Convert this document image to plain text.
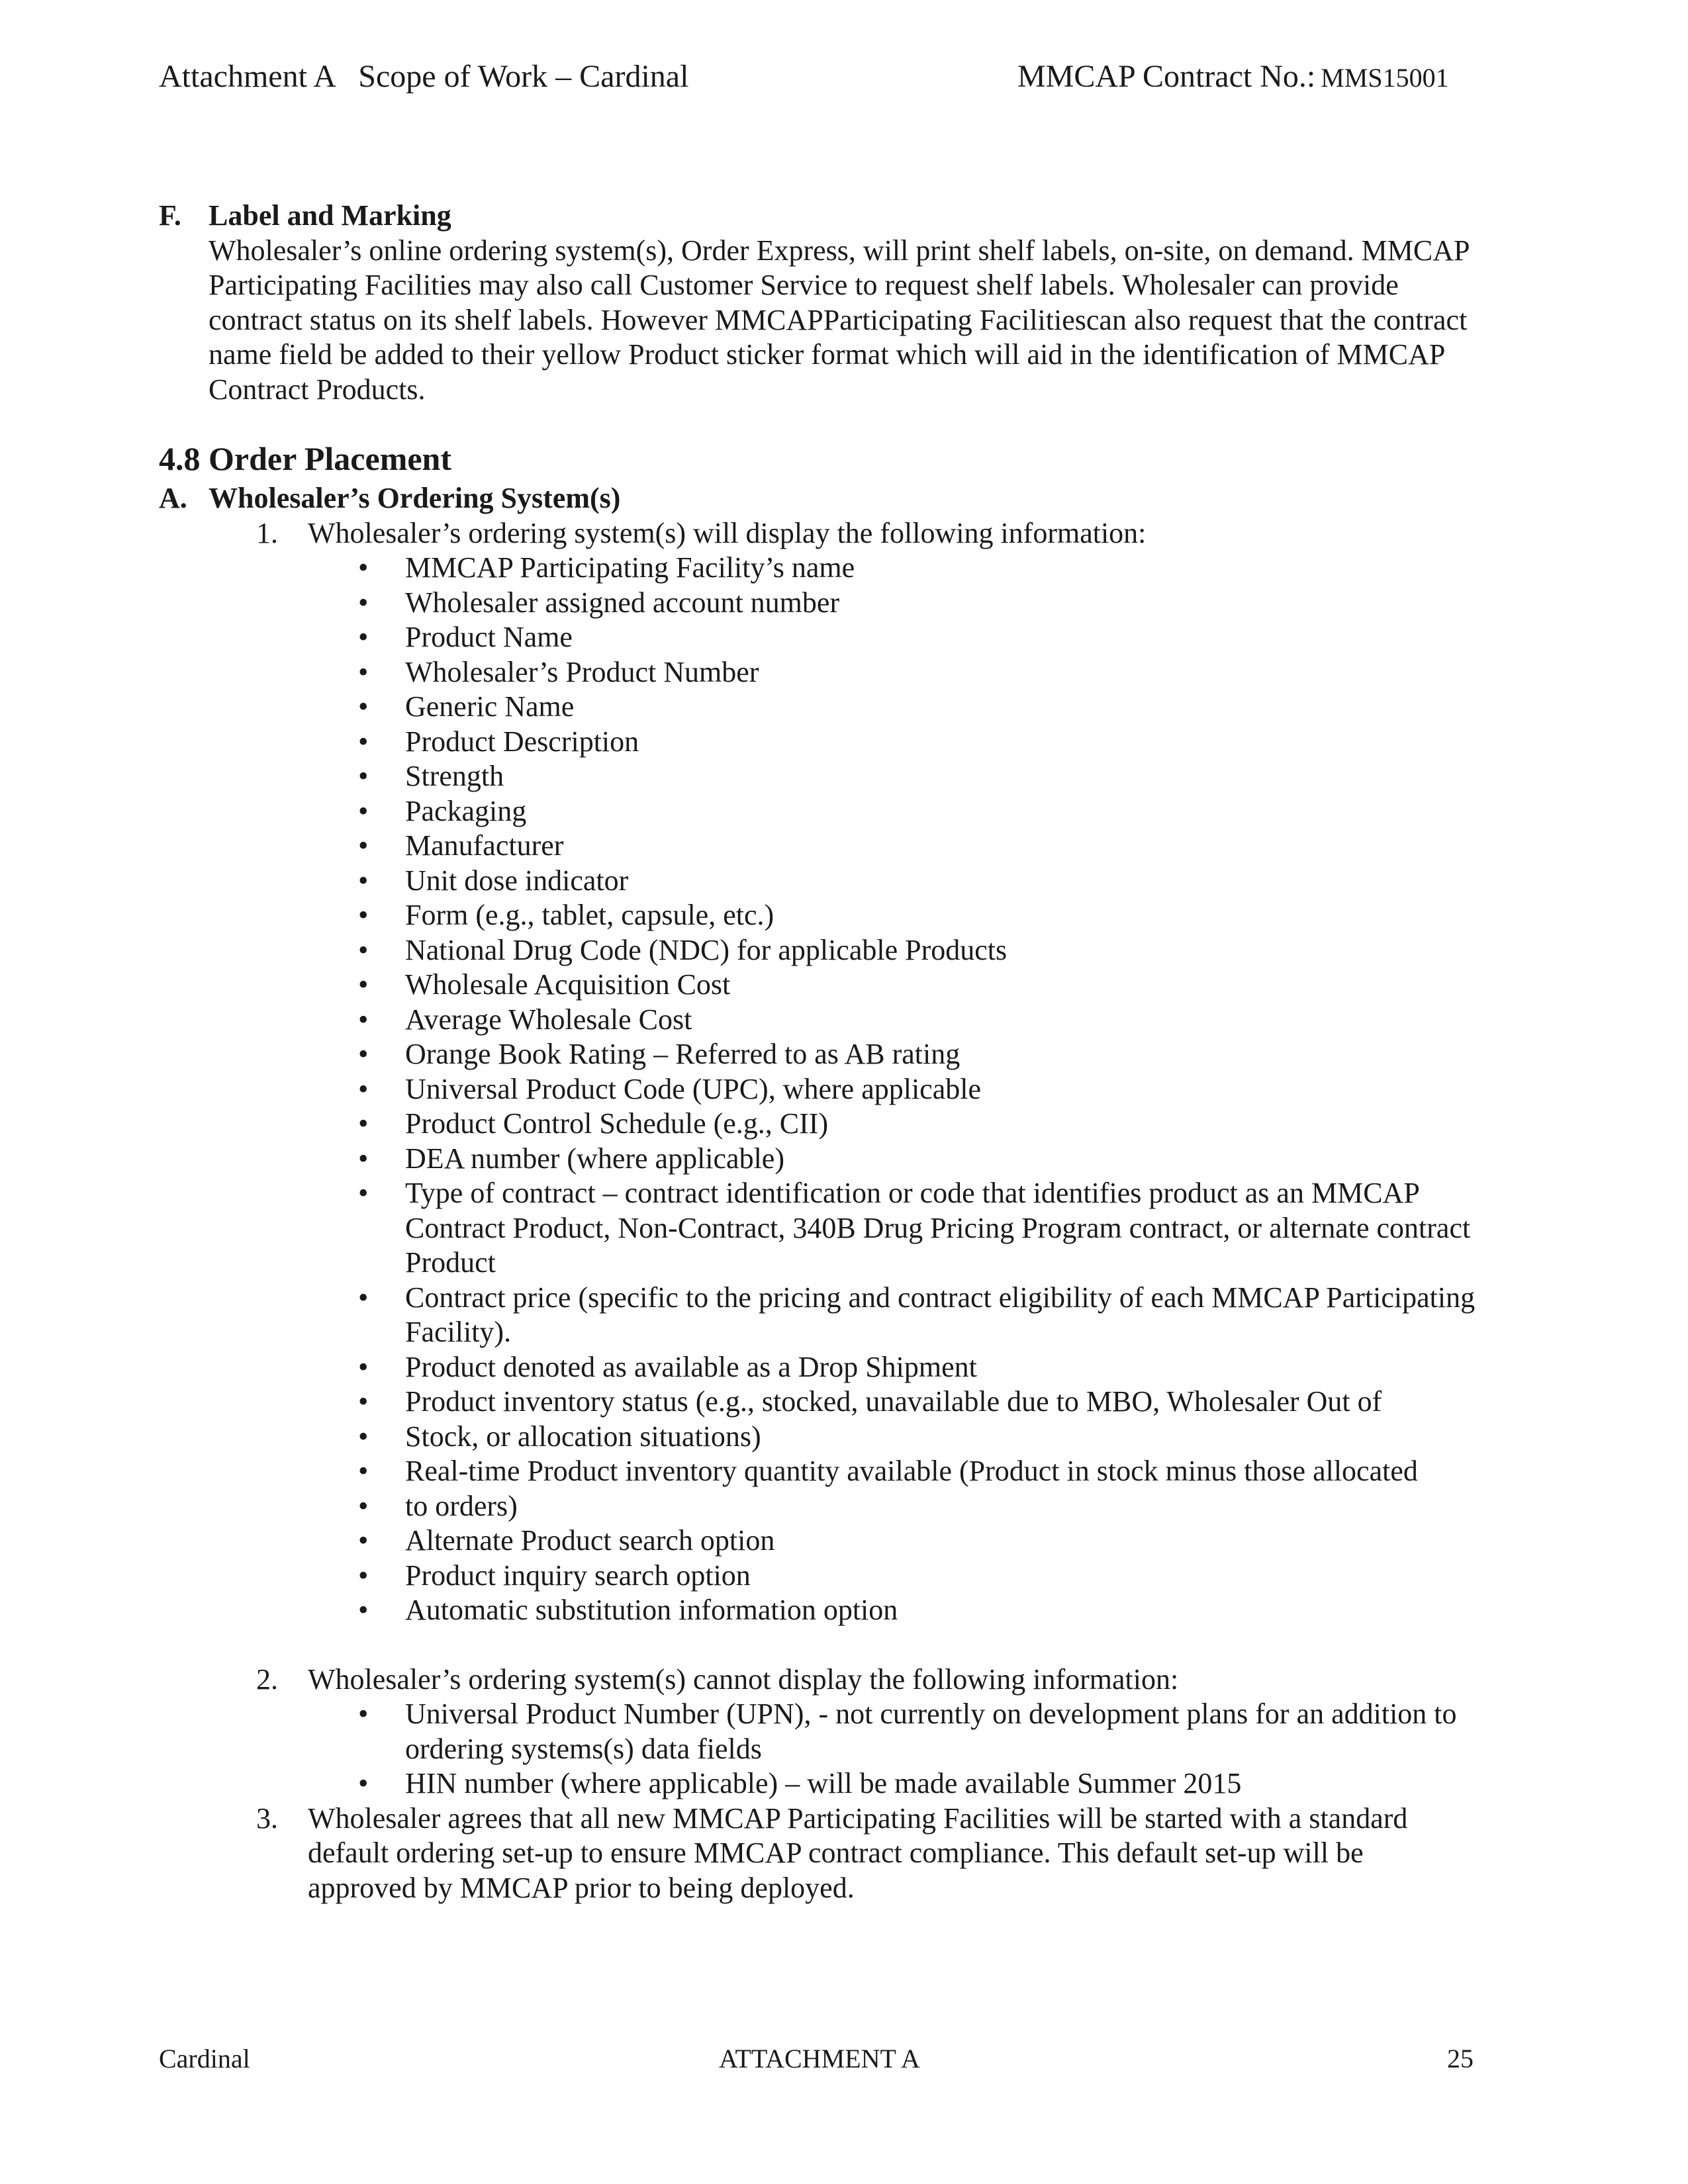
Attachment A   Scope of Work – Cardinal	MMCAP Contract No.: MMS15001
F. Label and Marking
Wholesaler’s online ordering system(s), Order Express, will print shelf labels, on-site, on demand. MMCAP
Participating Facilities may also call Customer Service to request shelf labels. Wholesaler can provide
contract status on its shelf labels. However MMCAPParticipating Facilitiescan also request that the contract
name field be added to their yellow Product sticker format which will aid in the identification of MMCAP
Contract Products.
4.8 Order Placement
A. Wholesaler’s Ordering System(s)
1.	Wholesaler’s ordering system(s) will display the following information:
• MMCAP Participating Facility’s name
• Wholesaler assigned account number
• Product Name
• Wholesaler’s Product Number
• Generic Name
• Product Description
• Strength
• Packaging
• Manufacturer
• Unit dose indicator
• Form (e.g., tablet, capsule, etc.)
• National Drug Code (NDC) for applicable Products
• Wholesale Acquisition Cost
• Average Wholesale Cost
• Orange Book Rating – Referred to as AB rating
• Universal Product Code (UPC), where applicable
• Product Control Schedule (e.g., CII)
• DEA number (where applicable)
• Type of contract – contract identification or code that identifies product as an MMCAP
Contract Product, Non-Contract, 340B Drug Pricing Program contract, or alternate contract
Product
• Contract price (specific to the pricing and contract eligibility of each MMCAP Participating
Facility).
• Product denoted as available as a Drop Shipment
• Product inventory status (e.g., stocked, unavailable due to MBO, Wholesaler Out of
• Stock, or allocation situations)
• Real-time Product inventory quantity available (Product in stock minus those allocated
• to orders)
• Alternate Product search option
• Product inquiry search option
• Automatic substitution information option
2.	Wholesaler’s ordering system(s) cannot display the following information:
• Universal Product Number (UPN), - not currently on development plans for an addition to
ordering systems(s) data fields
• HIN number (where applicable) – will be made available Summer 2015
3.	Wholesaler agrees that all new MMCAP Participating Facilities will be started with a standard
default ordering set-up to ensure MMCAP contract compliance. This default set-up will be
approved by MMCAP prior to being deployed.
Cardinal	ATTACHMENT A	25
